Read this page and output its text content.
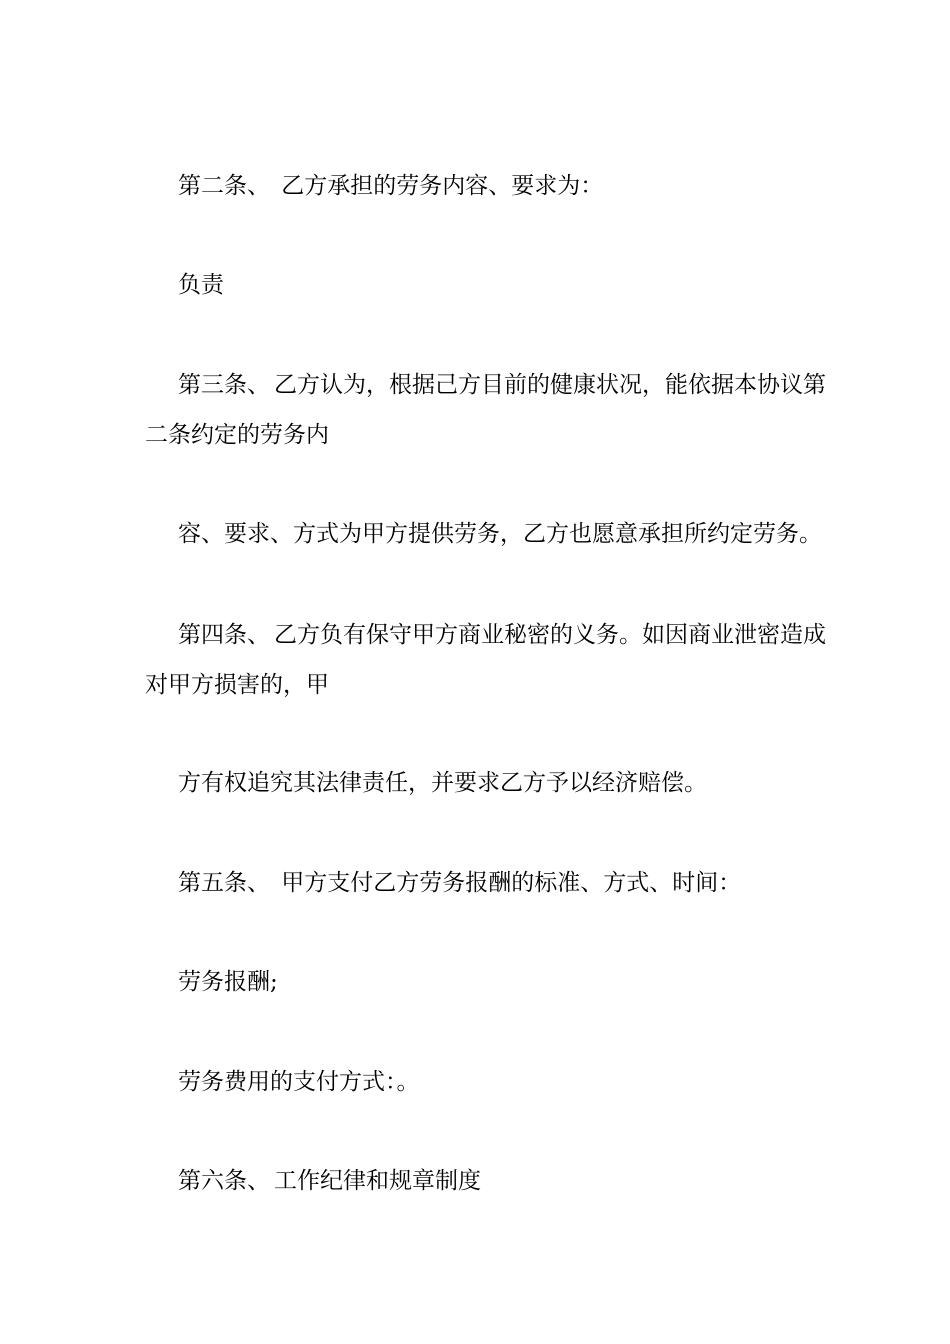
第二条、 乙方承担的劳务内容、要求为：

负责

第三条、 乙方认为，根据己方目前的健康状况，能依据本协议第

二条约定的劳务内

容、要求、方式为甲方提供劳务，乙方也愿意承担所约定劳务。

第四条、 乙方负有保守甲方商业秘密的义务。如因商业泄密造成

对甲方损害的，甲

方有权追究其法律责任，并要求乙方予以经济赔偿。

第五条、 甲方支付乙方劳务报酬的标准、方式、时间：

劳务报酬;

劳务费用的支付方式：。

第六条、 工作纪律和规章制度
